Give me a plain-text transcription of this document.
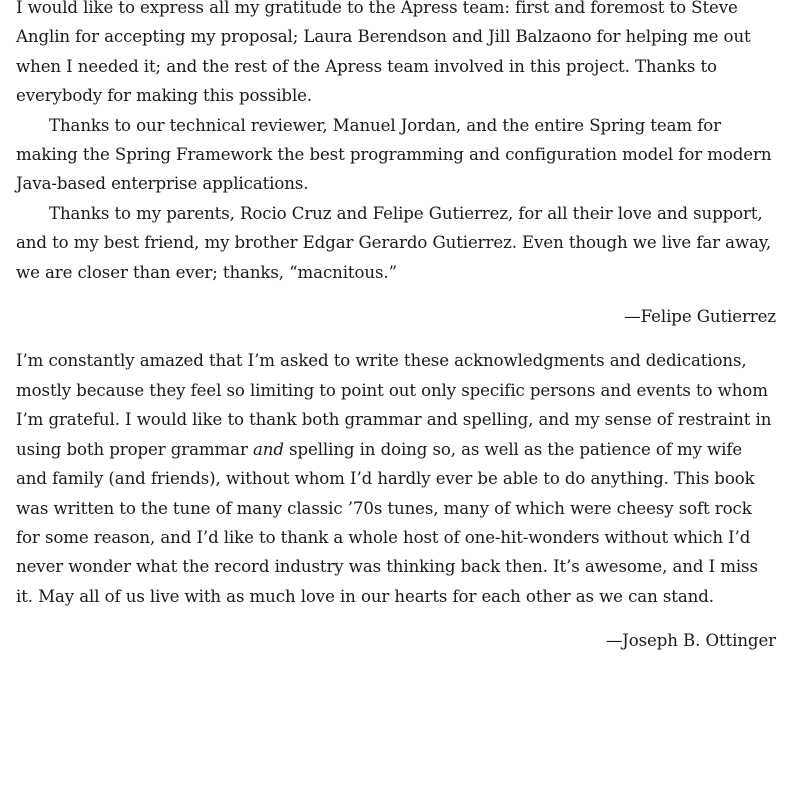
I would like to express all my gratitude to the Apress team: first and foremost to Steve Anglin for accepting my proposal; Laura Berendson and Jill Balzaono for helping me out when I needed it; and the rest of the Apress team involved in this project. Thanks to everybody for making this possible.

Thanks to our technical reviewer, Manuel Jordan, and the entire Spring team for making the Spring Framework the best programming and configuration model for modern Java-based enterprise applications.

Thanks to my parents, Rocio Cruz and Felipe Gutierrez, for all their love and support, and to my best friend, my brother Edgar Gerardo Gutierrez. Even though we live far away, we are closer than ever; thanks, “macnitous.”

—Felipe Gutierrez

I’m constantly amazed that I’m asked to write these acknowledgments and dedications, mostly because they feel so limiting to point out only specific persons and events to whom I’m grateful. I would like to thank both grammar and spelling, and my sense of restraint in using both proper grammar and spelling in doing so, as well as the patience of my wife and family (and friends), without whom I’d hardly ever be able to do anything. This book was written to the tune of many classic ’70s tunes, many of which were cheesy soft rock for some reason, and I’d like to thank a whole host of one-hit-wonders without which I’d never wonder what the record industry was thinking back then. It’s awesome, and I miss it. May all of us live with as much love in our hearts for each other as we can stand.

—Joseph B. Ottinger
